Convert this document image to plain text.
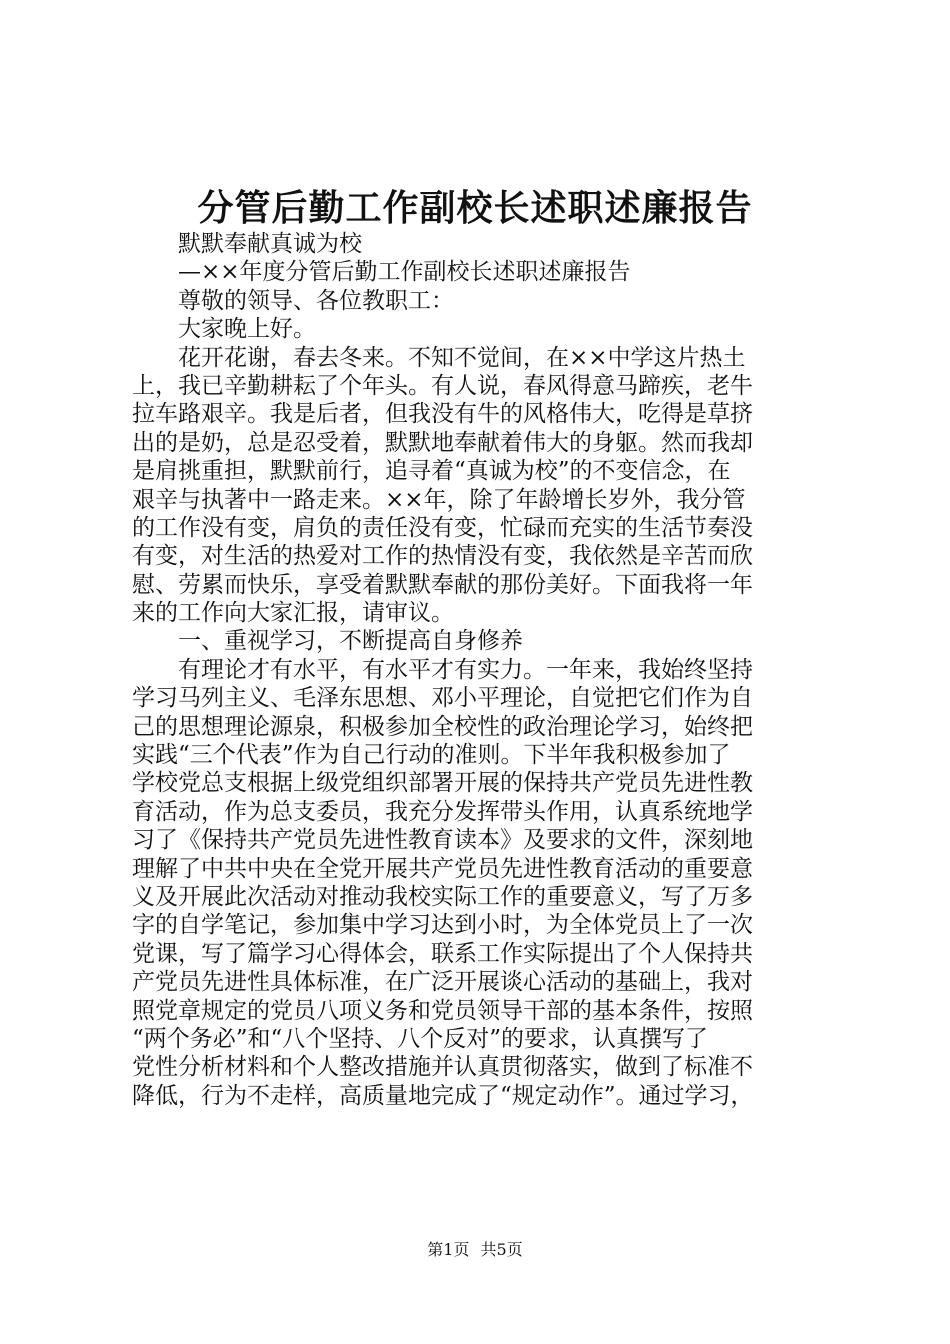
分管后勤工作副校长述职述廉报告
默默奉献真诚为校
—××年度分管后勤工作副校长述职述廉报告
尊敬的领导、各位教职工：
大家晚上好。
花开花谢，春去冬来。不知不觉间，在××中学这片热土
上，我已辛勤耕耘了个年头。有人说，春风得意马蹄疾，老牛
拉车路艰辛。我是后者，但我没有牛的风格伟大，吃得是草挤
出的是奶，总是忍受着，默默地奉献着伟大的身躯。然而我却
是肩挑重担，默默前行，追寻着“真诚为校”的不变信念，在
艰辛与执著中一路走来。××年，除了年龄增长岁外，我分管
的工作没有变，肩负的责任没有变，忙碌而充实的生活节奏没
有变，对生活的热爱对工作的热情没有变，我依然是辛苦而欣
慰、劳累而快乐，享受着默默奉献的那份美好。下面我将一年
来的工作向大家汇报，请审议。
一、重视学习，不断提高自身修养
有理论才有水平，有水平才有实力。一年来，我始终坚持
学习马列主义、毛泽东思想、邓小平理论，自觉把它们作为自
己的思想理论源泉，积极参加全校性的政治理论学习，始终把
实践“三个代表”作为自己行动的准则。下半年我积极参加了
学校党总支根据上级党组织部署开展的保持共产党员先进性教
育活动，作为总支委员，我充分发挥带头作用，认真系统地学
习了《保持共产党员先进性教育读本》及要求的文件，深刻地
理解了中共中央在全党开展共产党员先进性教育活动的重要意
义及开展此次活动对推动我校实际工作的重要意义，写了万多
字的自学笔记，参加集中学习达到小时，为全体党员上了一次
党课，写了篇学习心得体会，联系工作实际提出了个人保持共
产党员先进性具体标准，在广泛开展谈心活动的基础上，我对
照党章规定的党员八项义务和党员领导干部的基本条件，按照
“两个务必”和“八个坚持、八个反对”的要求，认真撰写了
党性分析材料和个人整改措施并认真贯彻落实，做到了标准不
降低，行为不走样，高质量地完成了“规定动作”。通过学习，
第1页 共5页
